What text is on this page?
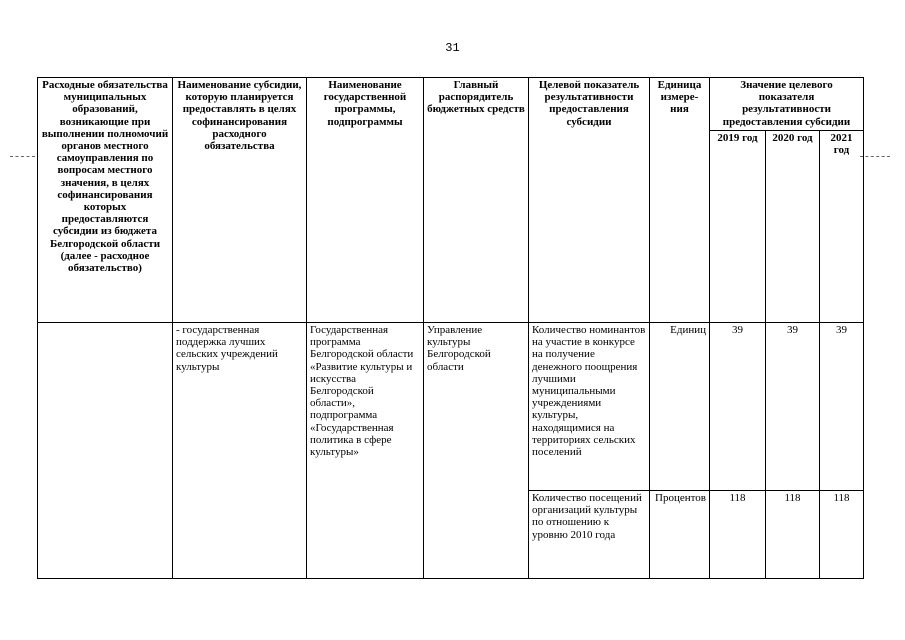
31
Расходные обязательства муниципальных образований, возникающие при выполнении полномочий органов местного самоуправления по вопросам местного значения, в целях софинансирования которых предоставляются субсидии из бюджета Белгородской области (далее - расходное обязательство)	Наименование субсидии, которую планируется предоставлять в целях софинансирования расходного обязательства	Наименование государственной программы, подпрограммы	Главный распорядитель бюджетных средств	Целевой показатель результативности предоставления субсидии	Единица измере- ния	Значение целевого показателя результативности предоставления субсидии		
						2019 год	2020 год	2021 год
	- государственная поддержка лучших сельских учреждений культуры	Государственная программа Белгородской области «Развитие культуры и искусства Белгородской области», подпрограмма «Государственная политика в сфере культуры»	Управление культуры Белгородской области	Количество номинантов на участие в конкурсе на получение денежного поощрения лучшими муниципальными учреждениями культуры, находящимися на территориях сельских поселений	Единиц	39	39	39
				Количество посещений организаций культуры по отношению к уровню 2010 года	Процентов	118	118	118
